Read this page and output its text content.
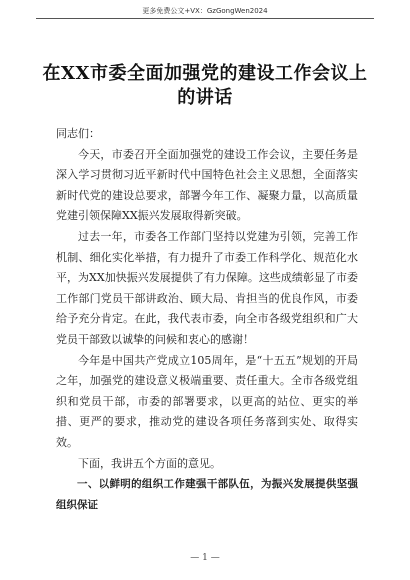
更多免费公文+VX：GzGongWen2024
在XX市委全面加强党的建设工作会议上的讲话

同志们：

今天，市委召开全面加强党的建设工作会议，主要任务是深入学习贯彻习近平新时代中国特色社会主义思想，全面落实新时代党的建设总要求，部署今年工作、凝聚力量，以高质量党建引领保障XX振兴发展取得新突破。

过去一年，市委各工作部门坚持以党建为引领，完善工作机制、细化实化举措，有力提升了市委工作科学化、规范化水平，为XX加快振兴发展提供了有力保障。这些成绩彰显了市委工作部门党员干部讲政治、顾大局、肯担当的优良作风，市委给予充分肯定。在此，我代表市委，向全市各级党组织和广大党员干部致以诚挚的问候和衷心的感谢！

今年是中国共产党成立105周年，是“十五五”规划的开局之年，加强党的建设意义极端重要、责任重大。全市各级党组织和党员干部，市委的部署要求，以更高的站位、更实的举措、更严的要求，推动党的建设各项任务落到实处、取得实效。

下面，我讲五个方面的意见。

一、以鲜明的组织工作建强干部队伍，为振兴发展提供坚强组织保证

— 1 —
